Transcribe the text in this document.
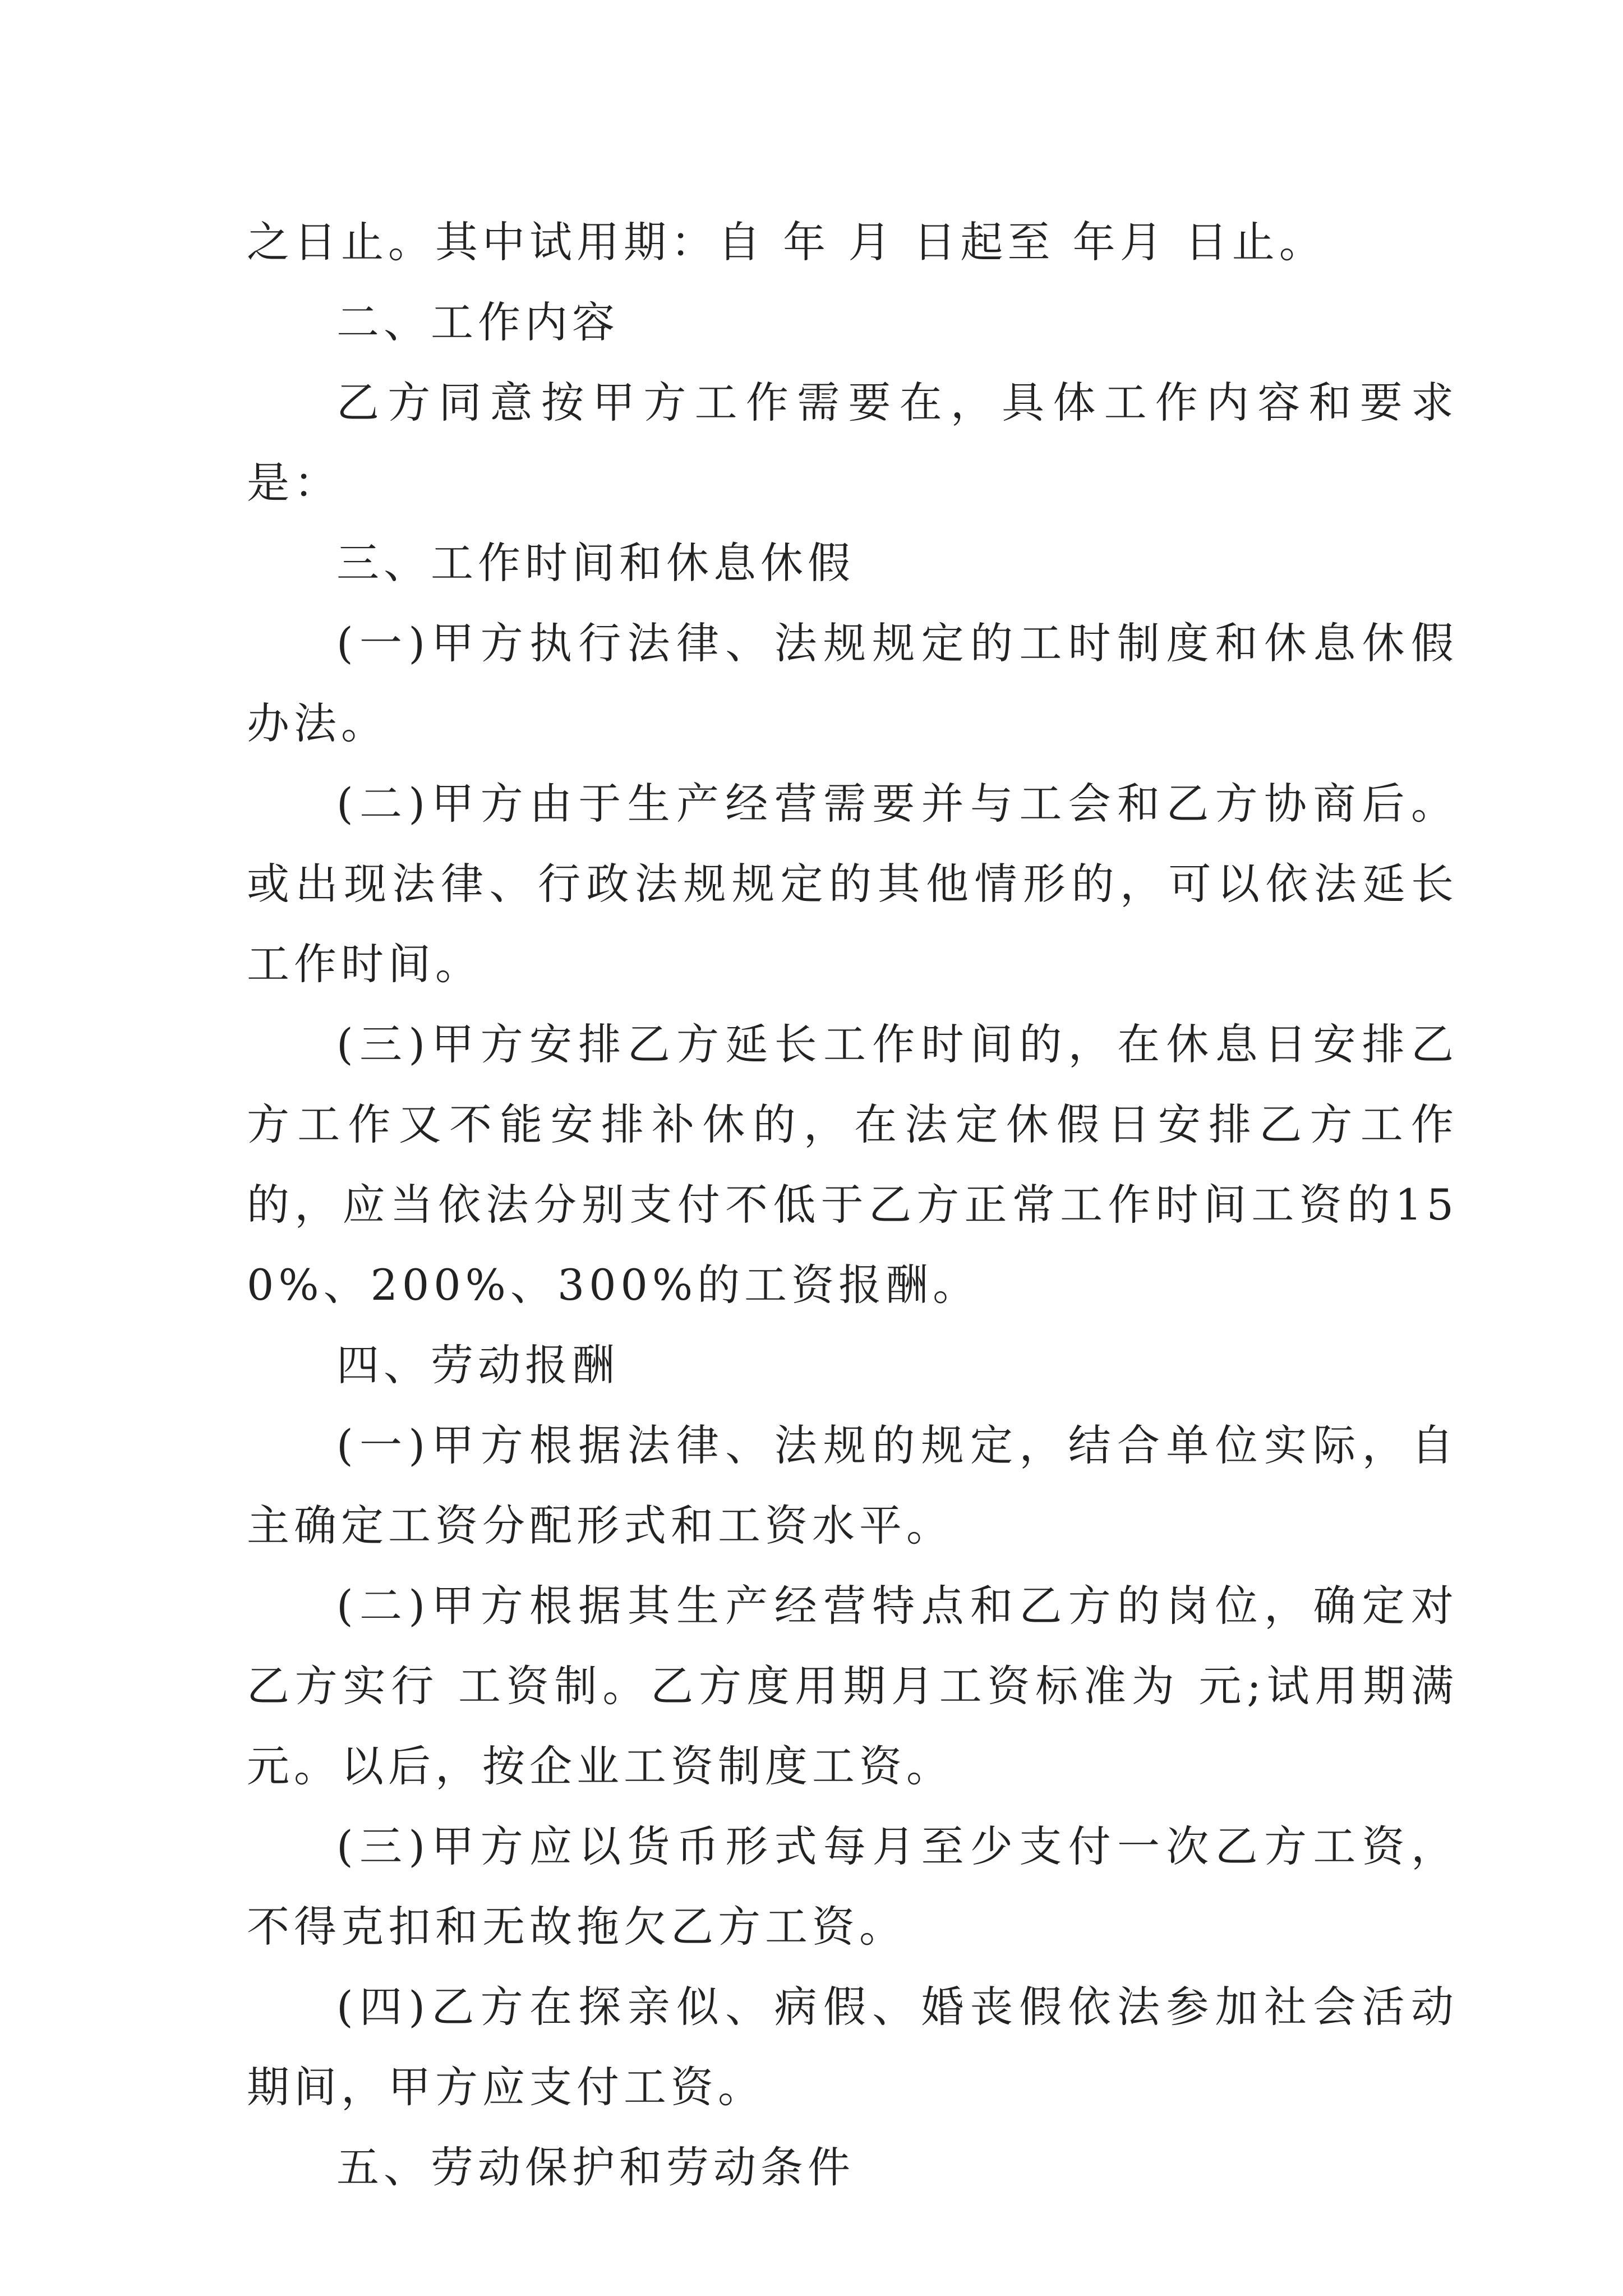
之日止。其中试用期：自 年 月 日起至 年月 日止。

二、工作内容

乙方同意按甲方工作需要在，具体工作内容和要求是：

三、工作时间和休息休假

(一)甲方执行法律、法规规定的工时制度和休息休假办法。

(二)甲方由于生产经营需要并与工会和乙方协商后。或出现法律、行政法规规定的其他情形的，可以依法延长工作时间。

(三)甲方安排乙方延长工作时间的，在休息日安排乙方工作又不能安排补休的，在法定休假日安排乙方工作的，应当依法分别支付不低于乙方正常工作时间工资的150%、200%、300%的工资报酬。

四、劳动报酬

(一)甲方根据法律、法规的规定，结合单位实际，自主确定工资分配形式和工资水平。

(二)甲方根据其生产经营特点和乙方的岗位，确定对乙方实行 工资制。乙方度用期月工资标准为 元;试用期满 元。以后，按企业工资制度工资。

(三)甲方应以货币形式每月至少支付一次乙方工资，不得克扣和无故拖欠乙方工资。

(四)乙方在探亲似、病假、婚丧假依法参加社会活动期间，甲方应支付工资。

五、劳动保护和劳动条件
